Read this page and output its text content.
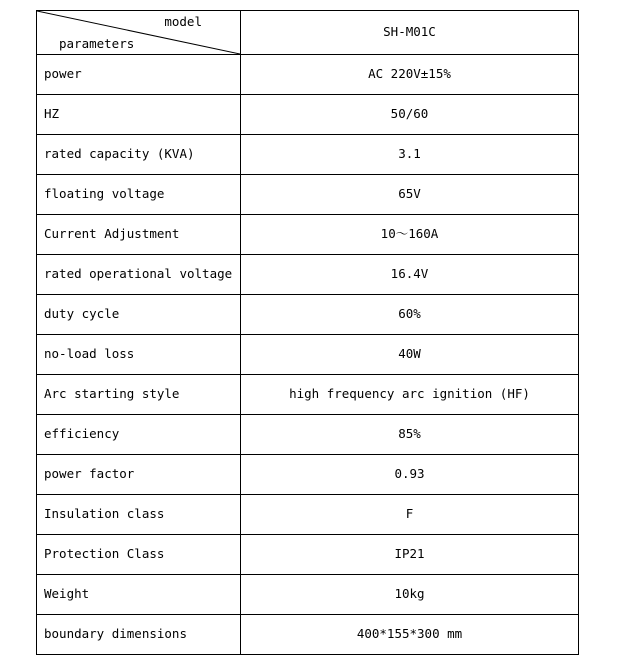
model
parameters	SH-M01C
power	AC 220V±15%
HZ	50/60
rated capacity (KVA)	3.1
floating voltage	65V
Current Adjustment	10～160A
rated operational voltage	16.4V
duty cycle	60%
no-load loss	40W
Arc starting style	high frequency arc ignition (HF)
efficiency	85%
power factor	0.93
Insulation class	F
Protection Class	IP21
Weight	10kg
boundary dimensions	400*155*300 mm
